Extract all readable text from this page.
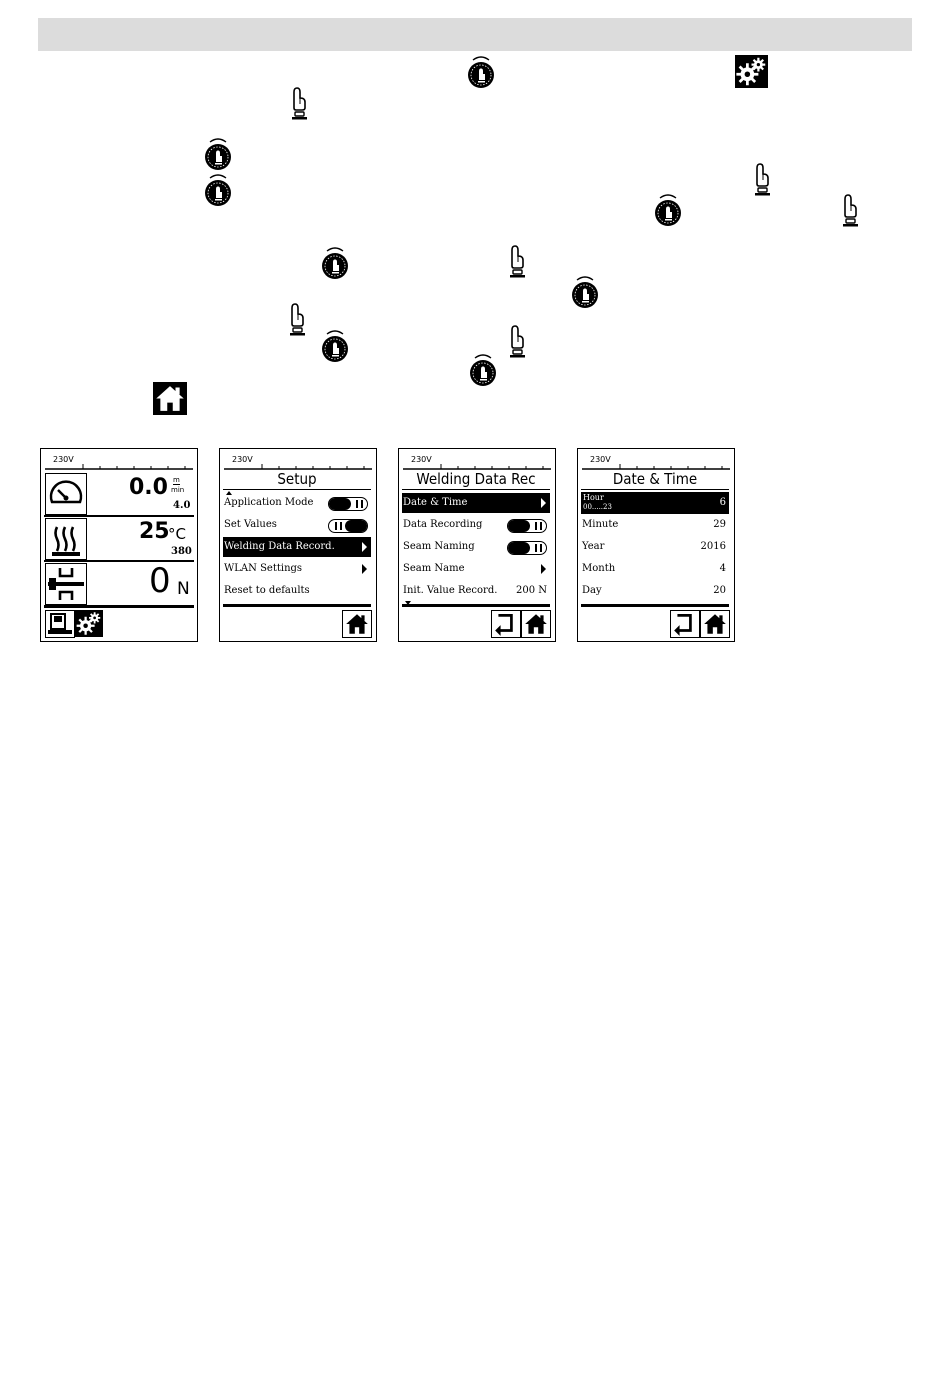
230V
0.0 m
min
4.0
25
°C
380
0 N
230V
Setup
Application Mode
Set Values
Welding Data Record.
WLAN Settings
Reset to defaults
230V
Welding Data Rec
Date & Time
Data Recording
Seam Naming
Seam Name
Init. Value Record. 200 N
230V
Date & Time
Hour
00.....23	6
Minute	29
Year	2016
Month	4
Day	20
